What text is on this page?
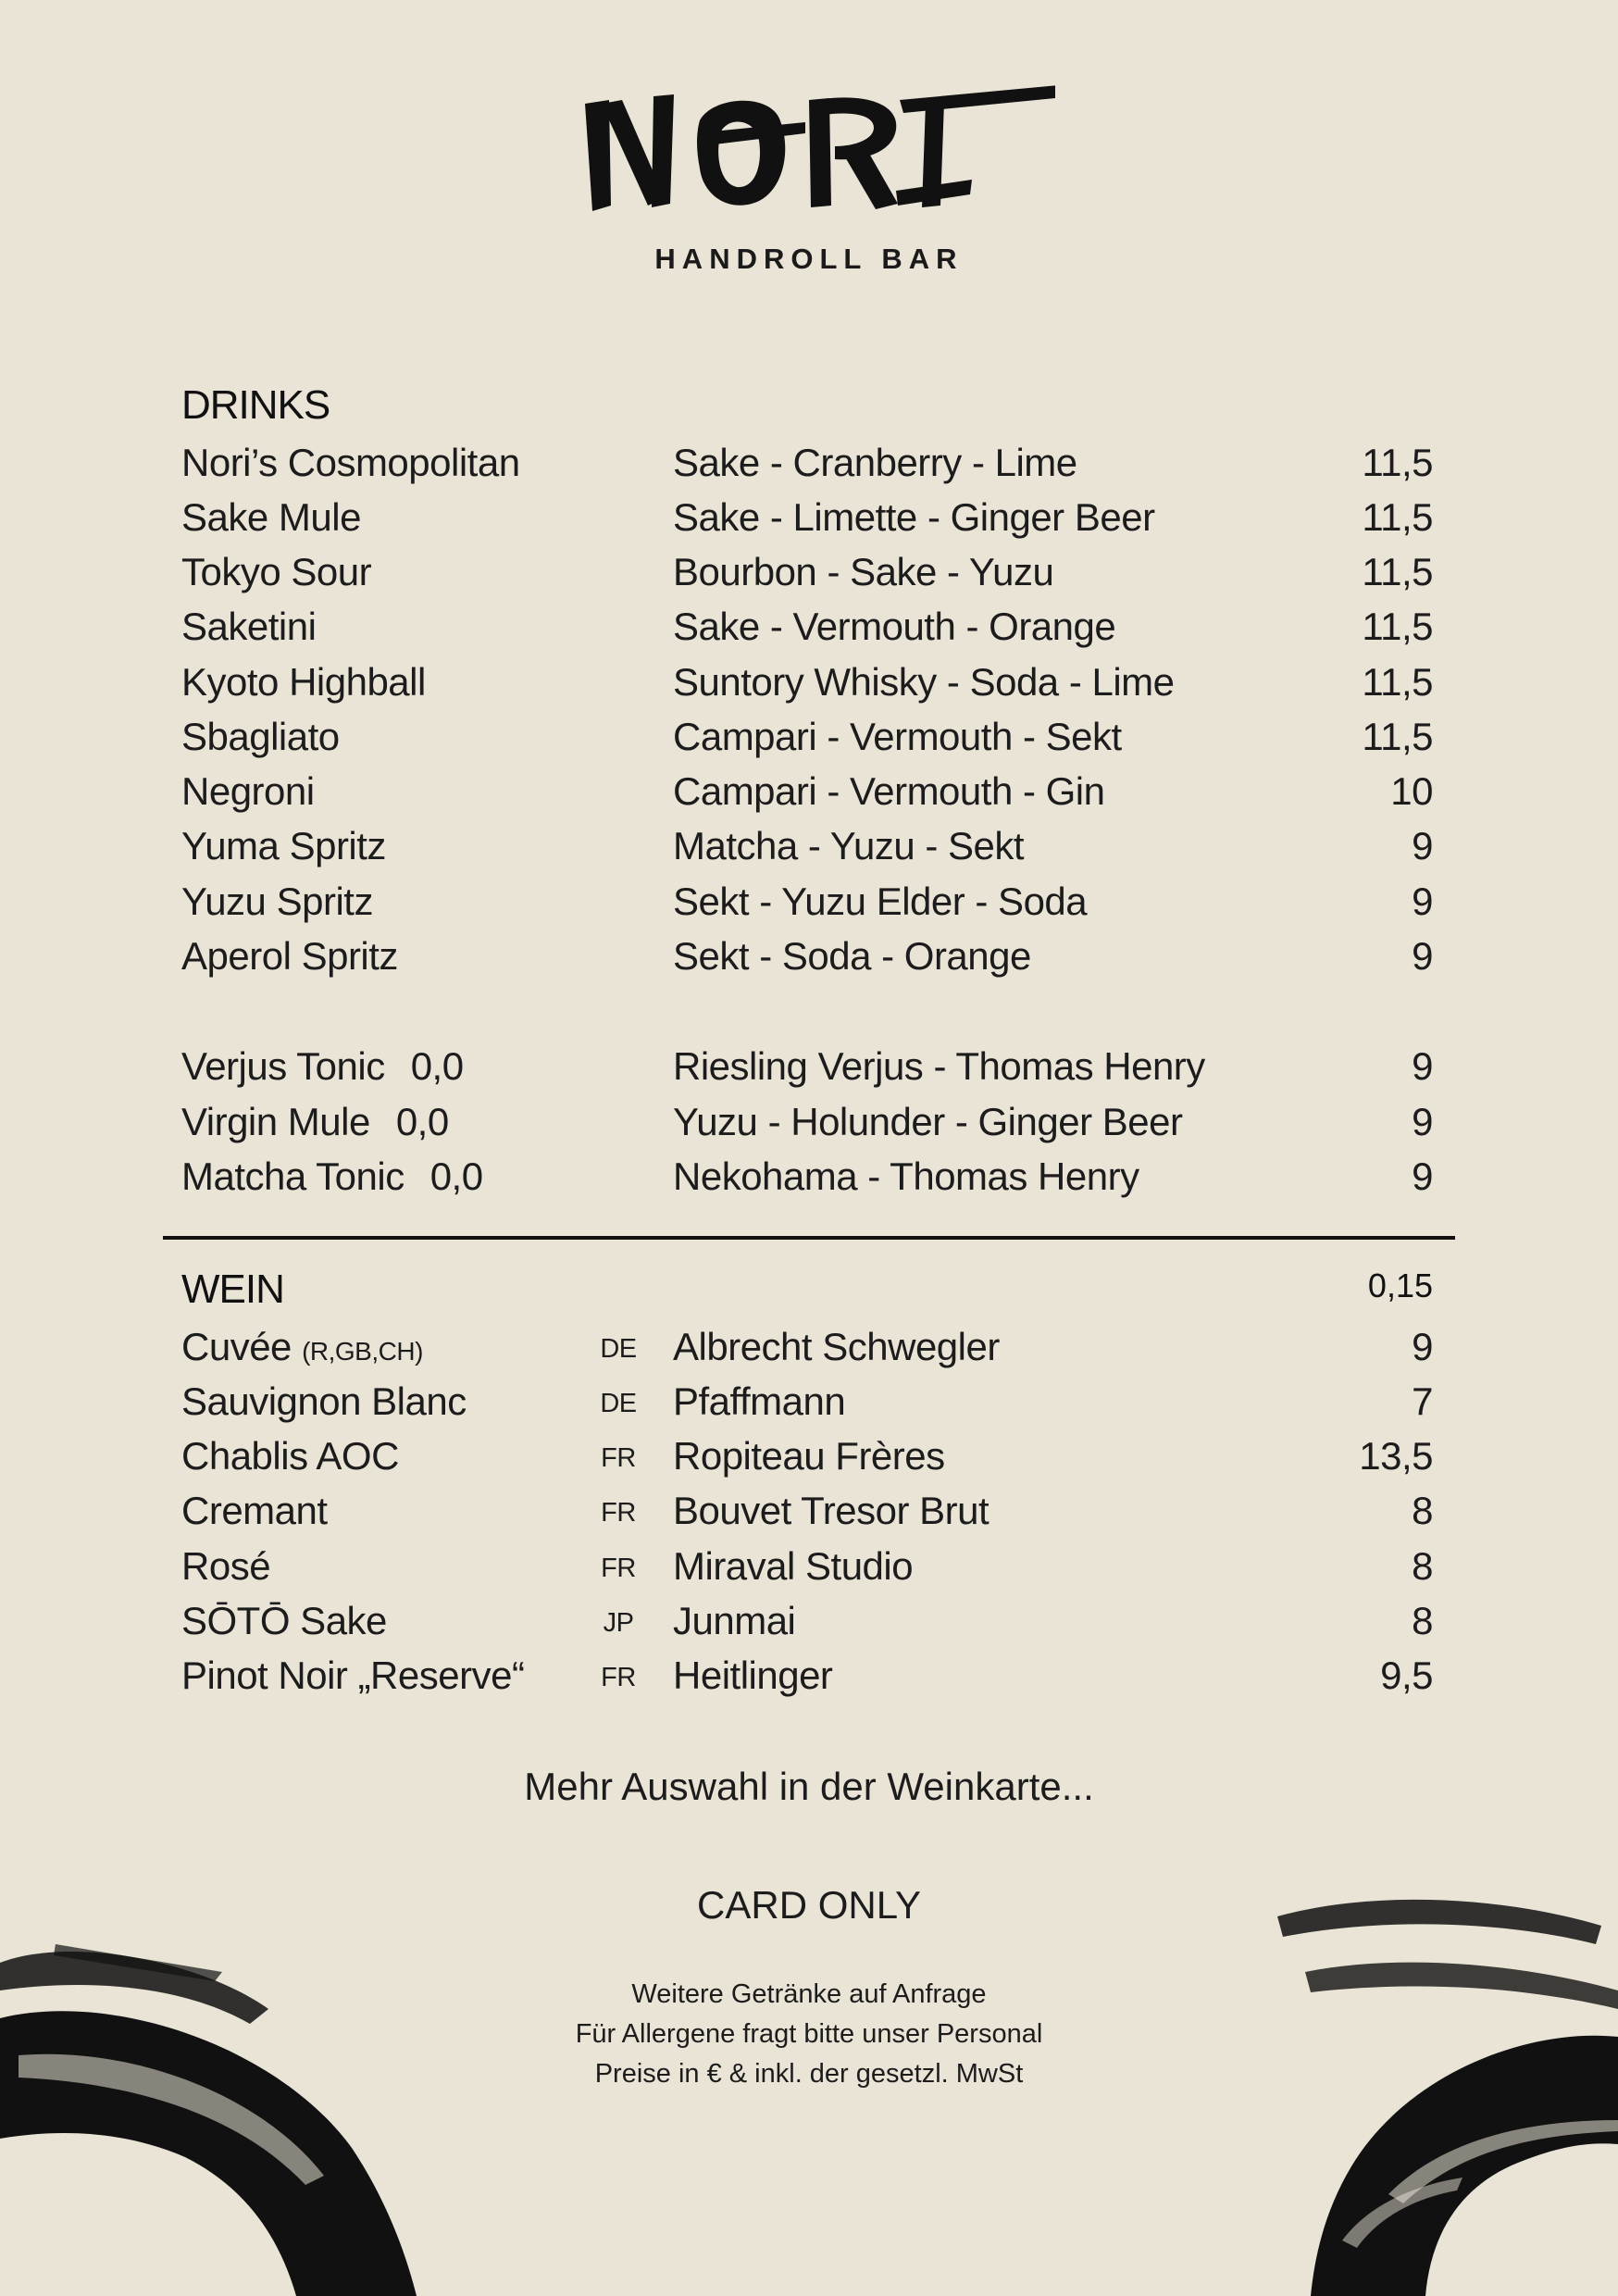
HANDROLL BAR
DRINKS
Nori’s Cosmopolitan	Sake - Cranberry - Lime	11,5
Sake Mule	Sake - Limette - Ginger Beer	11,5
Tokyo Sour	Bourbon - Sake - Yuzu	11,5
Saketini	Sake - Vermouth - Orange	11,5
Kyoto Highball	Suntory Whisky - Soda - Lime	11,5
Sbagliato	Campari - Vermouth - Sekt	11,5
Negroni	Campari - Vermouth - Gin	10
Yuma Spritz	Matcha - Yuzu - Sekt	9
Yuzu Spritz	Sekt - Yuzu Elder - Soda	9
Aperol Spritz	Sekt - Soda - Orange	9
Verjus Tonic 0,0	Riesling Verjus - Thomas Henry	9
Virgin Mule 0,0	Yuzu - Holunder - Ginger Beer	9
Matcha Tonic 0,0	Nekohama - Thomas Henry	9
WEIN	0,15
Cuvée (R,GB,CH)	DE Albrecht Schwegler	9
Sauvignon Blanc	DE Pfaffmann	7
Chablis AOC	FR Ropiteau Frères	13,5
Cremant	FR Bouvet Tresor Brut	8
Rosé	FR Miraval Studio	8
SŌTŌ Sake	JP Junmai	8
Pinot Noir „Reserve“	FR Heitlinger	9,5
Mehr Auswahl in der Weinkarte...
CARD ONLY
Weitere Getränke auf Anfrage
Für Allergene fragt bitte unser Personal
Preise in € & inkl. der gesetzl. MwSt
